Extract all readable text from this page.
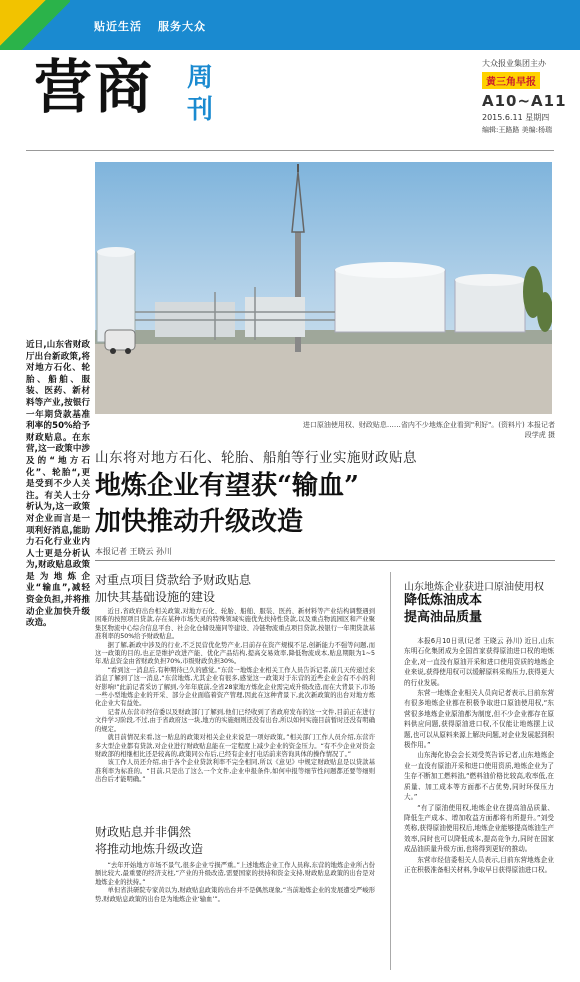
贴近生活 服务大众
营商 周刊
大众报业集团主办
黄三角早报
A10~A11
2015.6.11 星期四
编辑:王路路 美编:杨瑞
进口原油使用权、财政贴息……省内不少地炼企业看到"利好"。(资料片) 本报记者 段学虎 摄
近日,山东省财政厅出台新政策,将对地方石化、轮胎、船舶、服装、医药、新材料等产业,按银行一年期贷款基准利率的50%给予财政贴息。在东营,这一政策中涉及的“地方石化”、轮胎“,更是受到不少人关注。有关人士分析认为,这一政策对企业而言是一项利好消息,能助力石化行业业内人士更是分析认为,财政贴息政策是为地炼企业“输血”,减轻资金负担,并将推动企业加快升级改造。
山东将对地方石化、轮胎、船舶等行业实施财政贴息
地炼企业有望获“输血”
加快推动升级改造
本报记者 王晓云 孙川
对重点项目贷款给予财政贴息
加快其基础设施的建设

近日,省政府出台相关政策,对地方石化、轮胎、船舶、服装、医药、新材料等产业结构调整遇到困难的按照项目贷款,存在某种市场失灵的特殊领域实施优先扶持性贷款,以及重点物流园区和产业聚集区物流中心综合信息平台、社会化仓储设施同等建设、冷链物流重点项目贷款,按银行一年期贷款基准利率的50%给予财政贴息。

据了解,新政中涉及的行业,不乏民营优化势产业,目前存在资产规模不足,创新能力不强等问题,而这一政策的目的,也正是维护改进产能、优化产品结构,提高交易效率,降低物流成本,贴息期限为1~5年,贴息资金由省财政负担70%,市级财政负担30%。

“看到这一消息后,有种期待已久的感觉。”东营一地炼企业相关工作人员告诉记者,前几天传递过来消息了解到了这一消息,“东营地炼,尤其企业有很多,感觉这一政策对于东营的近些企业会有不小的利好影响!”此前记者采访了解到,今年年底前,全省28家地方炼化企业需完成升级改造,而在大背景下,市场一些小型地炼企业的开采、部分企业面临着资产管理,因此在这种背景下,此次新政策的出台对地方炼化企业大有益处。

记者从东营市经信委以及财政部门了解到,他们已经收到了省政府发布的这一文件,目前正在进行文件学习阶段,不过,由于省政府这一块,地方的实施细则还没有出台,所以如何实施目前暂时还没有明确的规定。

就目前情况来看,这一贴息的政策对相关企业来说是一项好政策。”相关部门工作人员介绍,东营许多大型企业都有贷款,对企业进行财政贴息能在一定程度上减少企业的资金压力。“有不少企业对资金财政部的相继相比还是较高的,政策同公布后,已经有企业打电话前来咨询具体的操作情况了。”

该工作人员还介绍,由于各个企业贷款利率不完全相同,所以《意见》中规定财政贴息是以贷款基准利率为标准的。“目前,只是出了这么一个文件,企业申报条件,如何申报等细节性问题都还要等细则出台后才能明确。”

财政贴息并非偶然
将推动地炼升级改造

“去年开始地方市场不景气,很多企业亏损严重。”上述地炼企业工作人员称,东营的地炼企业所占份额比较大,最重要的经济支柱,“产业的升级改造,需要国家的扶持和资金支持,财政贴息政策的出台是对地炼企业的扶持。”

单但省洪研院专家黄以为,财政贴息政策的出台并不是偶然现象,“当前地炼企业的发展遭受严峻形势,财政贴息政策的出台是为地炼企业‘输血’”。

山东地炼企业获进口原油使用权
降低炼油成本
提高油品质量

本报6月10日讯(记者 王晓云 孙川) 近日,山东东明石化集团成为全国首家获得原油进口权的地炼企业,对一直没有原油开采和进口使用资质的地炼企业来说,获得使用权可以缓解原料采购压力,获得更大的行业发展。

东营一地炼企业相关人员向记者表示,目前东营有很多地炼企业都在积极争取进口原油使用权,“东营很多地炼企业原油都为制度,但不少企业都存在原料供应问题,获得原油进口权,不仅能让地炼摆上议题,也可以从原料来源上解决问题,对企业发展起到积极作用。”

山东海化协会会长刘受英告诉记者,山东地炼企业一直没有原油开采和进口使用资质,地炼企业为了生存不断加工燃料油,“燃料油价格比较高,收率低,在质量、加工成本等方面都不占优势,同时环保压力大。”

“有了原油使用权,地炼企业在提高油品质量、降低生产成本、增加收益方面都将有所提升。”刘受英称,获得原油使用权后,地炼企业能够提高炼油生产效率,同时也可以降低成本,提高竞争力,同时在国家成品油质量升级方面,也将得到更好的推动。

东营市经信委相关人员表示,目前东营地炼企业正在积极准备相关材料,争取早日获得原油进口权。
